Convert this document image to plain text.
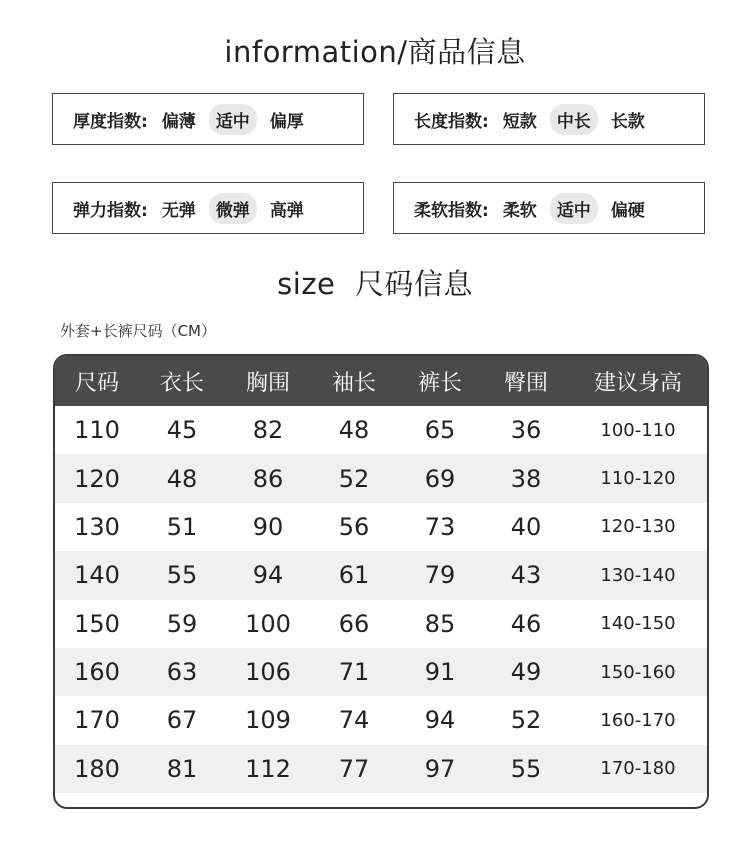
information/商品信息
厚度指数: 偏薄	适中	偏厚	长度指数: 短款	中长	长款
弹力指数: 无弹	微弹	高弹	柔软指数: 柔软	适中	偏硬
size  尺码信息
外套+长裤尺码（CM）
尺码	衣长	胸围	袖长	裤长	臀围	建议身高
110	45	82	48	65	36	100-110
120	48	86	52	69	38	110-120
130	51	90	56	73	40	120-130
140	55	94	61	79	43	130-140
150	59	100	66	85	46	140-150
160	63	106	71	91	49	150-160
170	67	109	74	94	52	160-170
180	81	112	77	97	55	170-180
